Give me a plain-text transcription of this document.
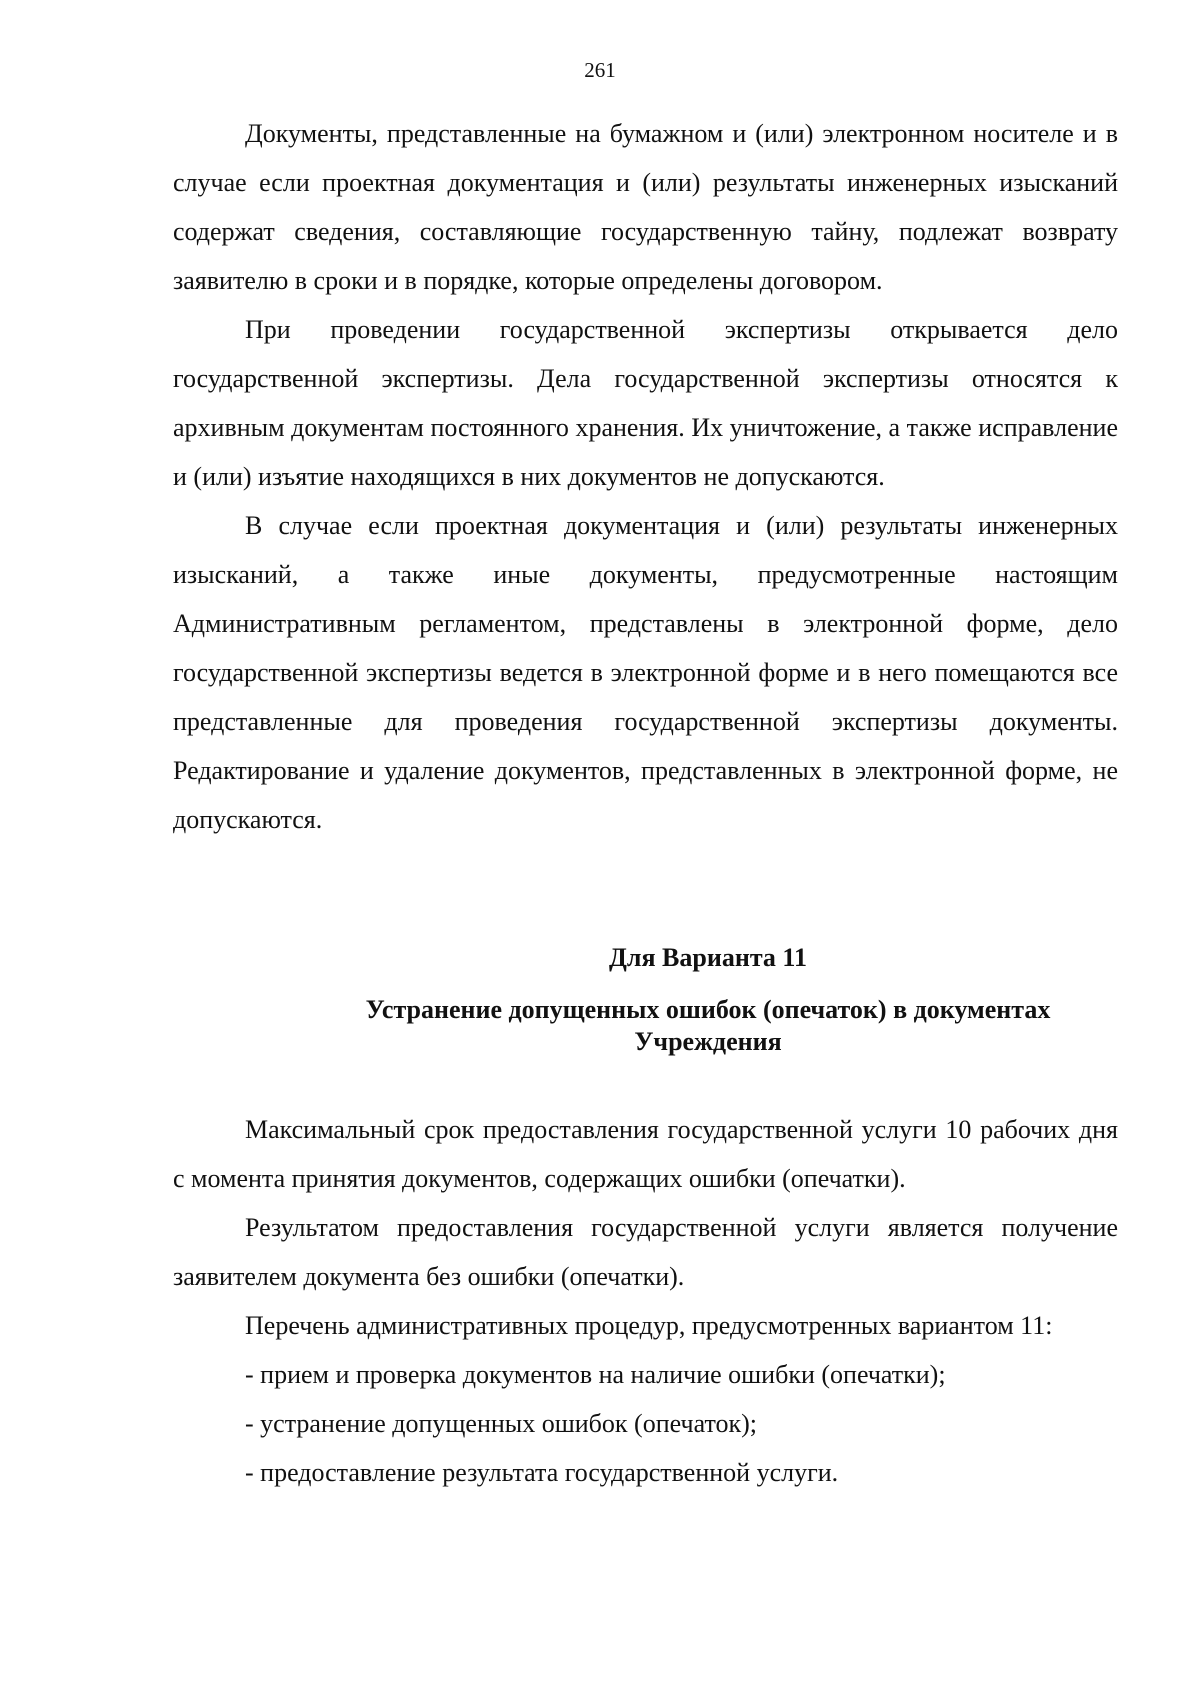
261

Документы, представленные на бумажном и (или) электронном носителе и в случае если проектная документация и (или) результаты инженерных изысканий содержат сведения, составляющие государственную тайну, подлежат возврату заявителю в сроки и в порядке, которые определены договором.

При проведении государственной экспертизы открывается дело государственной экспертизы. Дела государственной экспертизы относятся к архивным документам постоянного хранения. Их уничтожение, а также исправление и (или) изъятие находящихся в них документов не допускаются.

В случае если проектная документация и (или) результаты инженерных изысканий, а также иные документы, предусмотренные настоящим Административным регламентом, представлены в электронной форме, дело государственной экспертизы ведется в электронной форме и в него помещаются все представленные для проведения государственной экспертизы документы. Редактирование и удаление документов, представленных в электронной форме, не допускаются.

Для Варианта 11
Устранение допущенных ошибок (опечаток) в документах
Учреждения

Максимальный срок предоставления государственной услуги 10 рабочих дня с момента принятия документов, содержащих ошибки (опечатки).

Результатом предоставления государственной услуги является получение заявителем документа без ошибки (опечатки).

Перечень административных процедур, предусмотренных вариантом 11:

- прием и проверка документов на наличие ошибки (опечатки);

- устранение допущенных ошибок (опечаток);

- предоставление результата государственной услуги.
